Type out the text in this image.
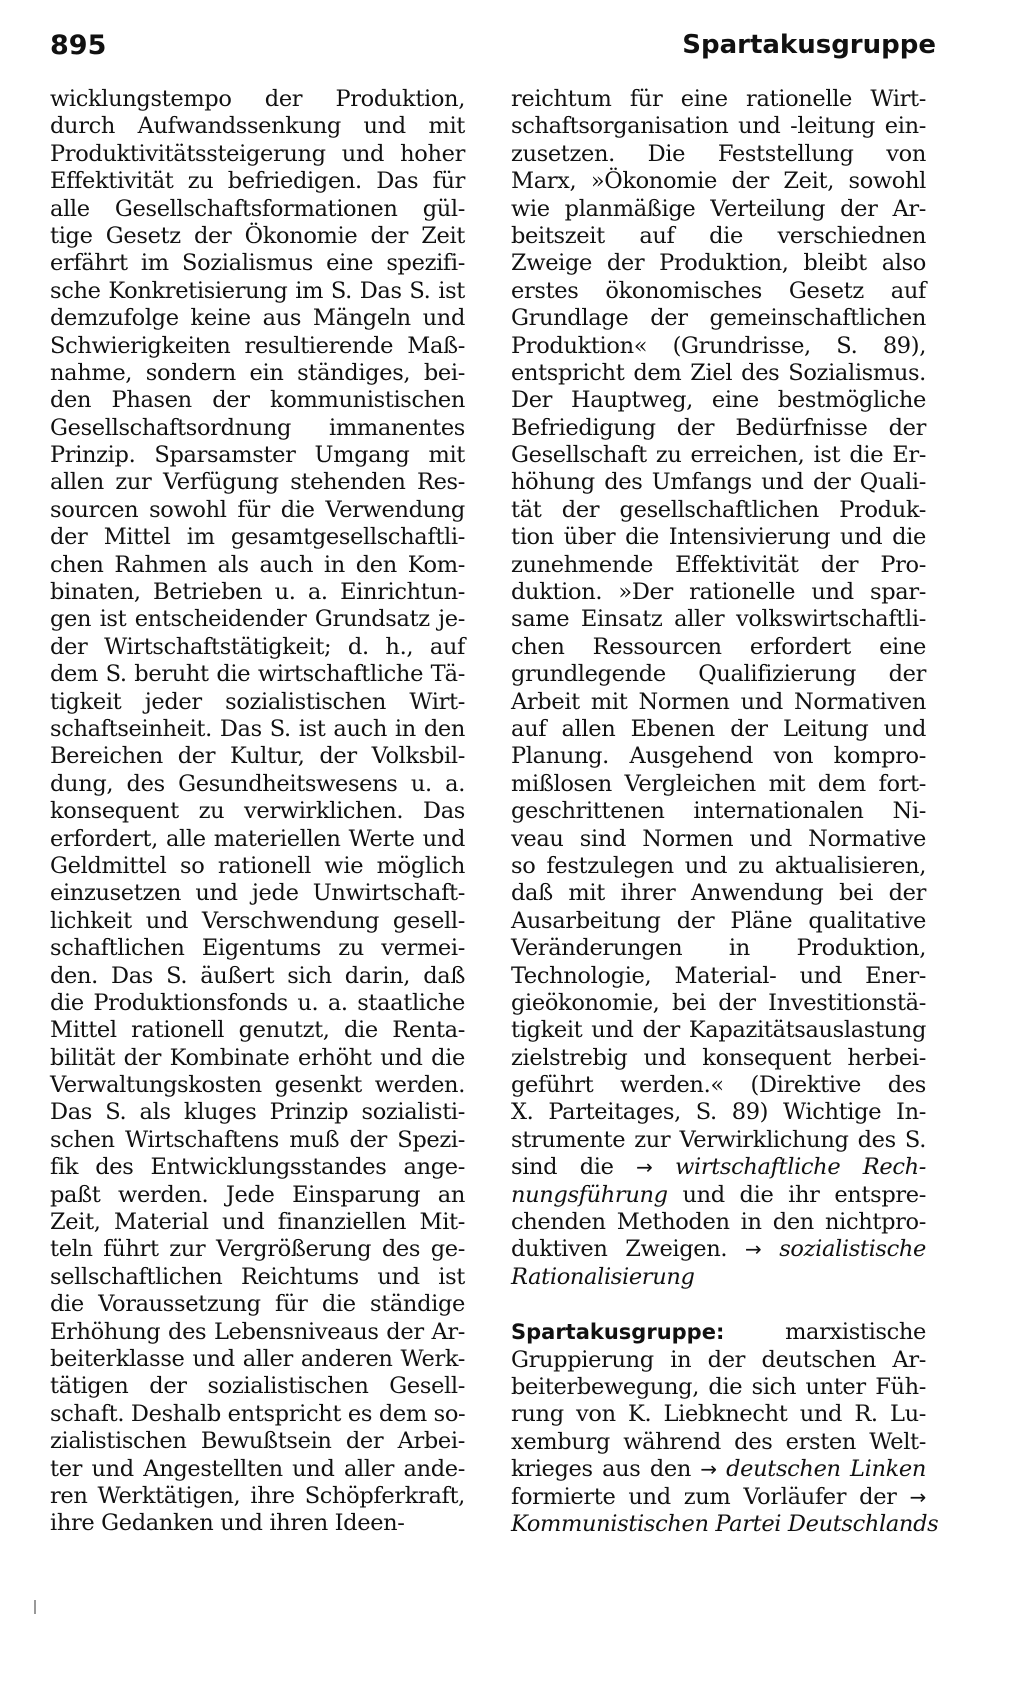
895	Spartakusgruppe
wicklungstempo der Produktion,
durch Aufwandssenkung und mit
Produktivitätssteigerung und hoher
Effektivität zu befriedigen. Das für
alle Gesellschaftsformationen gül-
tige Gesetz der Ökonomie der Zeit
erfährt im Sozialismus eine spezifi-
sche Konkretisierung im S. Das S. ist
demzufolge keine aus Mängeln und
Schwierigkeiten resultierende Maß-
nahme, sondern ein ständiges, bei-
den Phasen der kommunistischen
Gesellschaftsordnung immanentes
Prinzip. Sparsamster Umgang mit
allen zur Verfügung stehenden Res-
sourcen sowohl für die Verwendung
der Mittel im gesamtgesellschaftli-
chen Rahmen als auch in den Kom-
binaten, Betrieben u. a. Einrichtun-
gen ist entscheidender Grundsatz je-
der Wirtschaftstätigkeit; d. h., auf
dem S. beruht die wirtschaftliche Tä-
tigkeit jeder sozialistischen Wirt-
schaftseinheit. Das S. ist auch in den
Bereichen der Kultur, der Volksbil-
dung, des Gesundheitswesens u. a.
konsequent zu verwirklichen. Das
erfordert, alle materiellen Werte und
Geldmittel so rationell wie möglich
einzusetzen und jede Unwirtschaft-
lichkeit und Verschwendung gesell-
schaftlichen Eigentums zu vermei-
den. Das S. äußert sich darin, daß
die Produktionsfonds u. a. staatliche
Mittel rationell genutzt, die Renta-
bilität der Kombinate erhöht und die
Verwaltungskosten gesenkt werden.
Das S. als kluges Prinzip sozialisti-
schen Wirtschaftens muß der Spezi-
fik des Entwicklungsstandes ange-
paßt werden. Jede Einsparung an
Zeit, Material und finanziellen Mit-
teln führt zur Vergrößerung des ge-
sellschaftlichen Reichtums und ist
die Voraussetzung für die ständige
Erhöhung des Lebensniveaus der Ar-
beiterklasse und aller anderen Werk-
tätigen der sozialistischen Gesell-
schaft. Deshalb entspricht es dem so-
zialistischen Bewußtsein der Arbei-
ter und Angestellten und aller ande-
ren Werktätigen, ihre Schöpferkraft,
ihre Gedanken und ihren Ideen-
reichtum für eine rationelle Wirt-
schaftsorganisation und -leitung ein-
zusetzen. Die Feststellung von
Marx, »Ökonomie der Zeit, sowohl
wie planmäßige Verteilung der Ar-
beitszeit auf die verschiednen
Zweige der Produktion, bleibt also
erstes ökonomisches Gesetz auf
Grundlage der gemeinschaftlichen
Produktion« (Grundrisse, S. 89),
entspricht dem Ziel des Sozialismus.
Der Hauptweg, eine bestmögliche
Befriedigung der Bedürfnisse der
Gesellschaft zu erreichen, ist die Er-
höhung des Umfangs und der Quali-
tät der gesellschaftlichen Produk-
tion über die Intensivierung und die
zunehmende Effektivität der Pro-
duktion. »Der rationelle und spar-
same Einsatz aller volkswirtschaftli-
chen Ressourcen erfordert eine
grundlegende Qualifizierung der
Arbeit mit Normen und Normativen
auf allen Ebenen der Leitung und
Planung. Ausgehend von kompro-
mißlosen Vergleichen mit dem fort-
geschrittenen internationalen Ni-
veau sind Normen und Normative
so festzulegen und zu aktualisieren,
daß mit ihrer Anwendung bei der
Ausarbeitung der Pläne qualitative
Veränderungen in Produktion,
Technologie, Material- und Ener-
gieökonomie, bei der Investitionstä-
tigkeit und der Kapazitätsauslastung
zielstrebig und konsequent herbei-
geführt werden.« (Direktive des
X. Parteitages, S. 89) Wichtige In-
strumente zur Verwirklichung des S.
sind die → wirtschaftliche Rech-
nungsführung und die ihr entspre-
chenden Methoden in den nichtpro-
duktiven Zweigen. → sozialistische
Rationalisierung
Spartakusgruppe:	marxistische
Gruppierung in der deutschen Ar-
beiterbewegung, die sich unter Füh-
rung von K. Liebknecht und R. Lu-
xemburg während des ersten Welt-
krieges aus den → deutschen Linken
formierte und zum Vorläufer der →
Kommunistischen Partei Deutschlands
